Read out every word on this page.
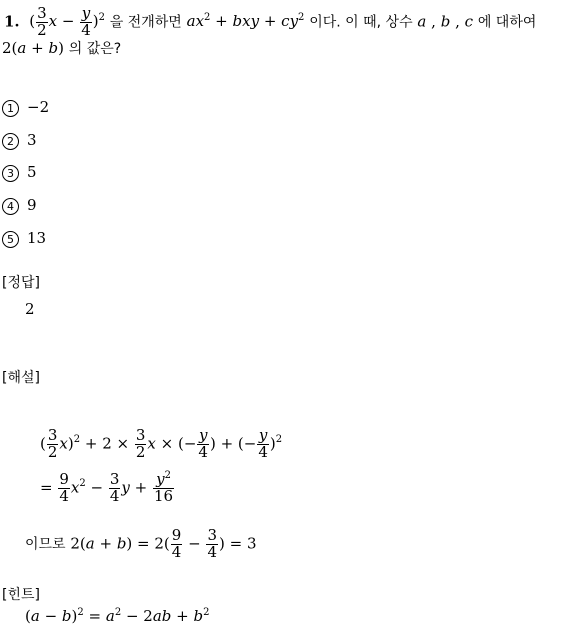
1.  ( $\frac{3}{2}$ $x - \frac{y}{4} )^2$ 을 전개하면 $ax^2$ + bxy + $cy^2$ 이다. 이 때, 상수 a , b , c 에 대하여
2(a + b) 의 값은?
1 −2
2 3
3 5
4 9
5 13
[정답]
2
[해설]
( $\frac{3}{2} x)^2 + 2 \times \frac{3}{2}$ x × (− $\frac{y}{4}$ ) + (− $\frac{y}{4} )^2$
= $\frac{9}{4} x^2 - \frac{3}{4}$ $y + \frac{y^2}{16}$
이므로 $2(a + b) = 2( \frac{9}{4} - \frac{3}{4}$ ) = 3
[힌트]
$(a - b)^2 = a^2 - 2ab + b^2$
